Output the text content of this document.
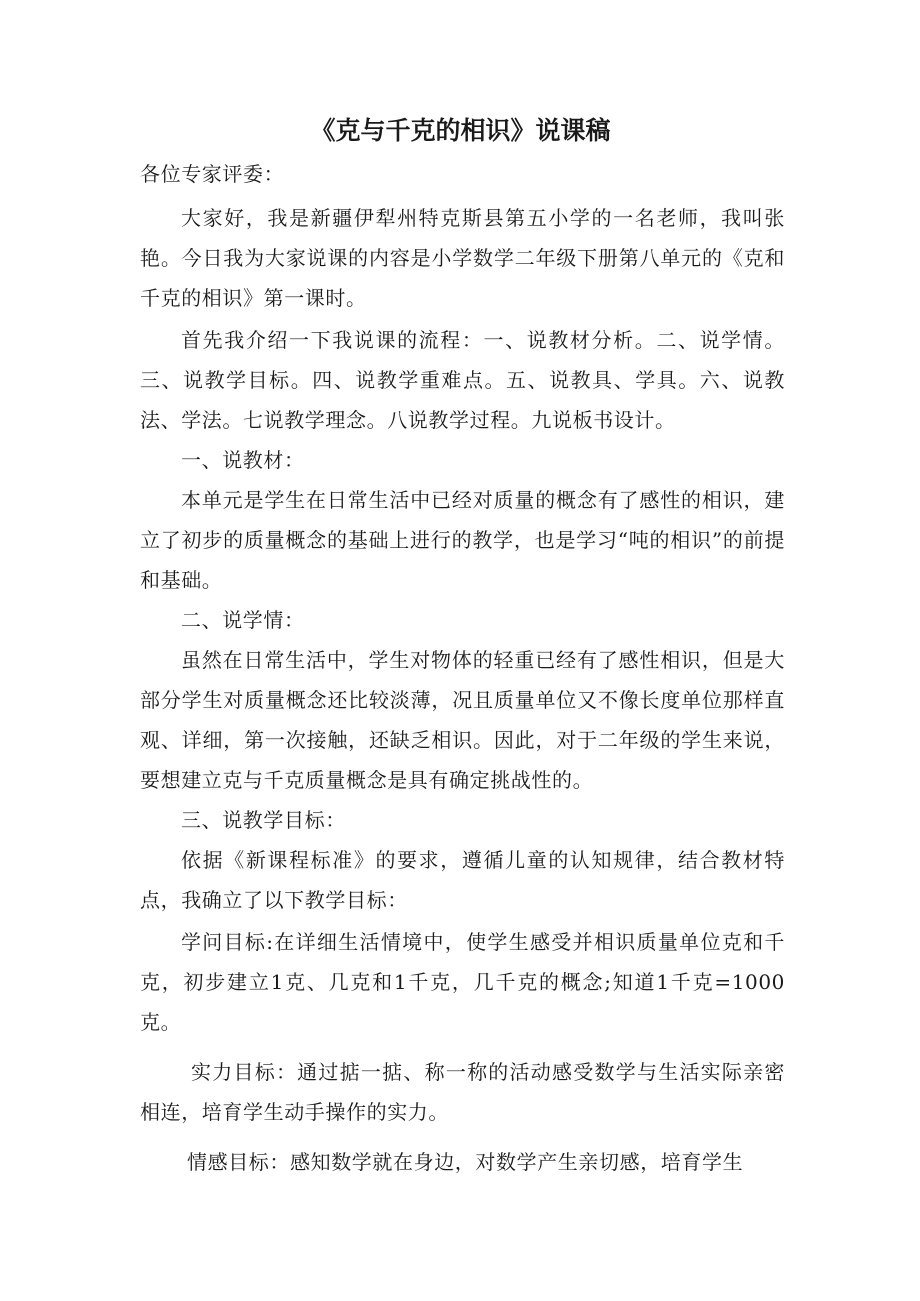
《克与千克的相识》说课稿

各位专家评委：

大家好，我是新疆伊犁州特克斯县第五小学的一名老师，我叫张艳。今日我为大家说课的内容是小学数学二年级下册第八单元的《克和千克的相识》第一课时。

首先我介绍一下我说课的流程：一、说教材分析。二、说学情。三、说教学目标。四、说教学重难点。五、说教具、学具。六、说教法、学法。七说教学理念。八说教学过程。九说板书设计。

一、说教材：

本单元是学生在日常生活中已经对质量的概念有了感性的相识，建立了初步的质量概念的基础上进行的教学，也是学习“吨的相识”的前提和基础。

二、说学情：

虽然在日常生活中，学生对物体的轻重已经有了感性相识，但是大部分学生对质量概念还比较淡薄，况且质量单位又不像长度单位那样直观、详细，第一次接触，还缺乏相识。因此，对于二年级的学生来说，要想建立克与千克质量概念是具有确定挑战性的。

三、说教学目标：

依据《新课程标准》的要求，遵循儿童的认知规律，结合教材特点，我确立了以下教学目标：

学问目标:在详细生活情境中，使学生感受并相识质量单位克和千克，初步建立1克、几克和1千克，几千克的概念;知道1千克=1000克。

实力目标：通过掂一掂、称一称的活动感受数学与生活实际亲密相连，培育学生动手操作的实力。

情感目标：感知数学就在身边，对数学产生亲切感，培育学生
